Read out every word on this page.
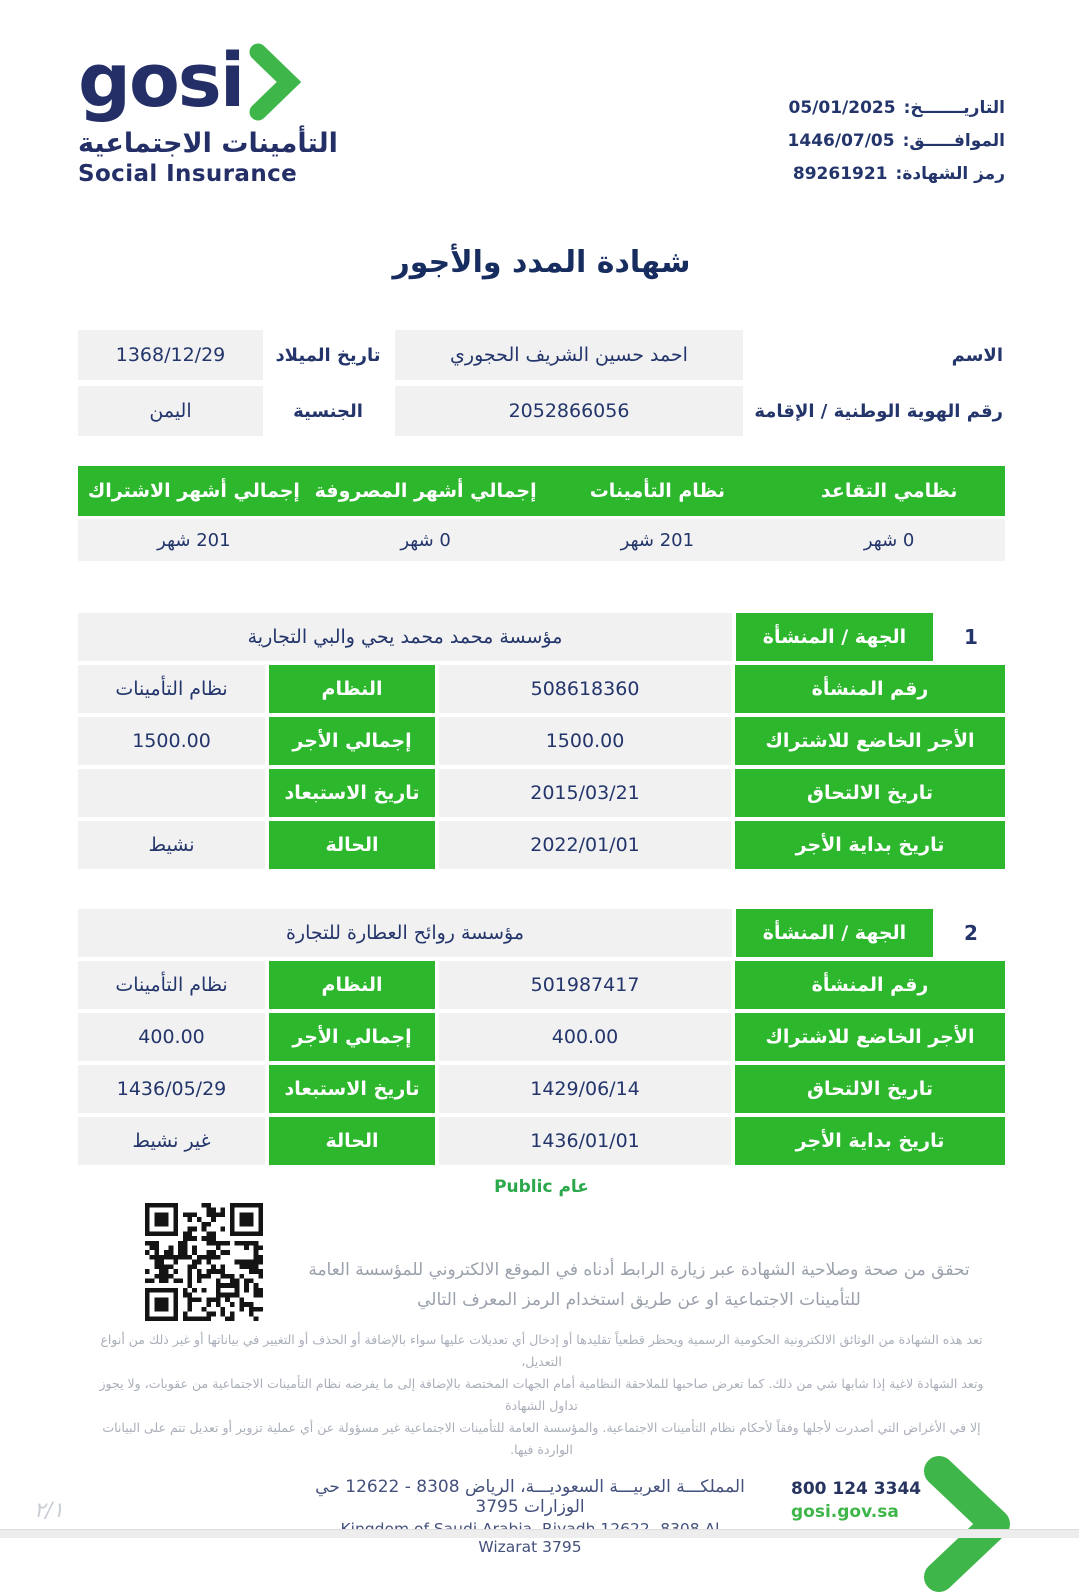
التاريـــــــخ:
05/01/2025
الموافـــــق:
1446/07/05
رمز الشهادة:
89261921
gosi
التأمينات الاجتماعية
Social Insurance
شهادة المدد والأجور
الاسم
احمد حسين الشريف الحجوري
تاريخ الميلاد
1368/12/29
رقم الهوية الوطنية / الإقامة
2052866056
الجنسية
اليمن
نظامي التقاعد
نظام التأمينات
إجمالي أشهر المصروفة
إجمالي أشهر الاشتراك
0 شهر
201 شهر
0 شهر
201 شهر
1
الجهة / المنشأة
مؤسسة محمد محمد يحي والبي التجارية
رقم المنشأة
508618360
النظام
نظام التأمينات
الأجر الخاضع للاشتراك
1500.00
إجمالي الأجر
1500.00
تاريخ الالتحاق
2015/03/21
تاريخ الاستبعاد
تاريخ بداية الأجر
2022/01/01
الحالة
نشيط
2
الجهة / المنشأة
مؤسسة روائح العطارة للتجارة
رقم المنشأة
501987417
النظام
نظام التأمينات
الأجر الخاضع للاشتراك
400.00
إجمالي الأجر
400.00
تاريخ الالتحاق
1429/06/14
تاريخ الاستبعاد
1436/05/29
تاريخ بداية الأجر
1436/01/01
الحالة
غير نشيط
Public عام
تحقق من صحة وصلاحية الشهادة عبر زيارة الرابط أدناه في الموقع الالكتروني للمؤسسة العامة للتأمينات الاجتماعية او عن طريق استخدام الرمز المعرف التالي
تعد هذه الشهادة من الوثائق الالكترونية الحكومية الرسمية ويحظر قطعياً تقليدها أو إدخال أي تعديلات عليها سواء بالإضافة أو الحذف أو التغيير في بياناتها أو غير ذلك من أنواع التعديل،
وتعد الشهادة لاغية إذا شابها شي من ذلك. كما تعرض صاحبها للملاحقة النظامية أمام الجهات المختصة بالإضافة إلى ما يفرضه نظام التأمينات الاجتماعية من عقوبات، ولا يجوز تداول الشهادة
إلا في الأغراض التي أصدرت لأجلها وفقاً لأحكام نظام التأمينات الاجتماعية. والمؤسسة العامة للتأمينات الاجتماعية غير مسؤولة عن أي عملية تزوير أو تعديل تتم على البيانات الواردة فيها.
المملكـــة العربيـــة السعوديـــة، الرياض ⁦12622 - 8308⁩ حي الوزارات 3795
Wizarat 3795
800 124 3344
gosi.gov.sa
٢/١
